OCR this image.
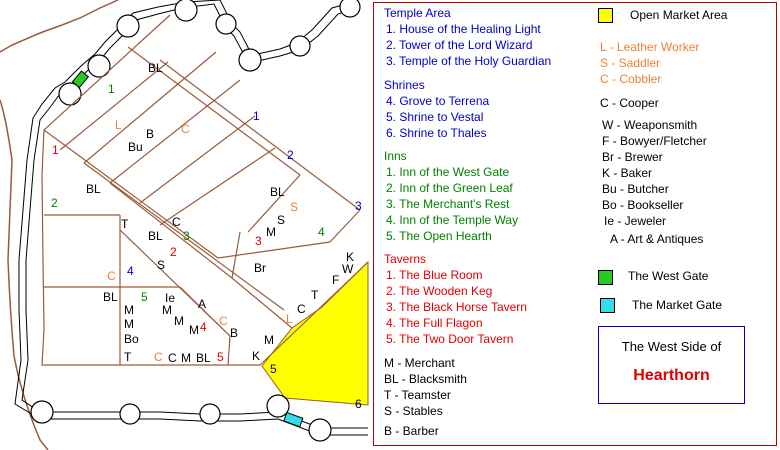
1
2
3
4
5
6
1
2
3	4
5
1
2
3
4
5
L	C
S
C
L
C
C
BL
B
Bu
BL	BL
T	C	S
M
BL
S	Br
K
W
F
T
C
BL	Ie A
M M
M	M
M
Bo	B M
T	C M BL	K
Temple Area
1. House of the Healing Light
2. Tower of the Lord Wizard
3. Temple of the Holy Guardian
Shrines
4. Grove to Terrena
5. Shrine to Vestal
6. Shrine to Thales
Inns
1. Inn of the West Gate
2. Inn of the Green Leaf
3. The Merchant's Rest
4. Inn of the Temple Way
5. The Open Hearth
Taverns
1. The Blue Room
2. The Wooden Keg
3. The Black Horse Tavern
4. The Full Flagon
5. The Two Door Tavern
M - Merchant
BL - Blacksmith
T - Teamster
S - Stables
B - Barber
Open Market Area
L - Leather Worker
S - Saddler
C - Cobbler
C - Cooper
W - Weaponsmith
F - Bowyer/Fletcher
Br - Brewer
K - Baker
Bu - Butcher
Bo - Bookseller
Ie - Jeweler
A - Art & Antiques
The West Gate
The Market Gate
The West Side of
Hearthorn
